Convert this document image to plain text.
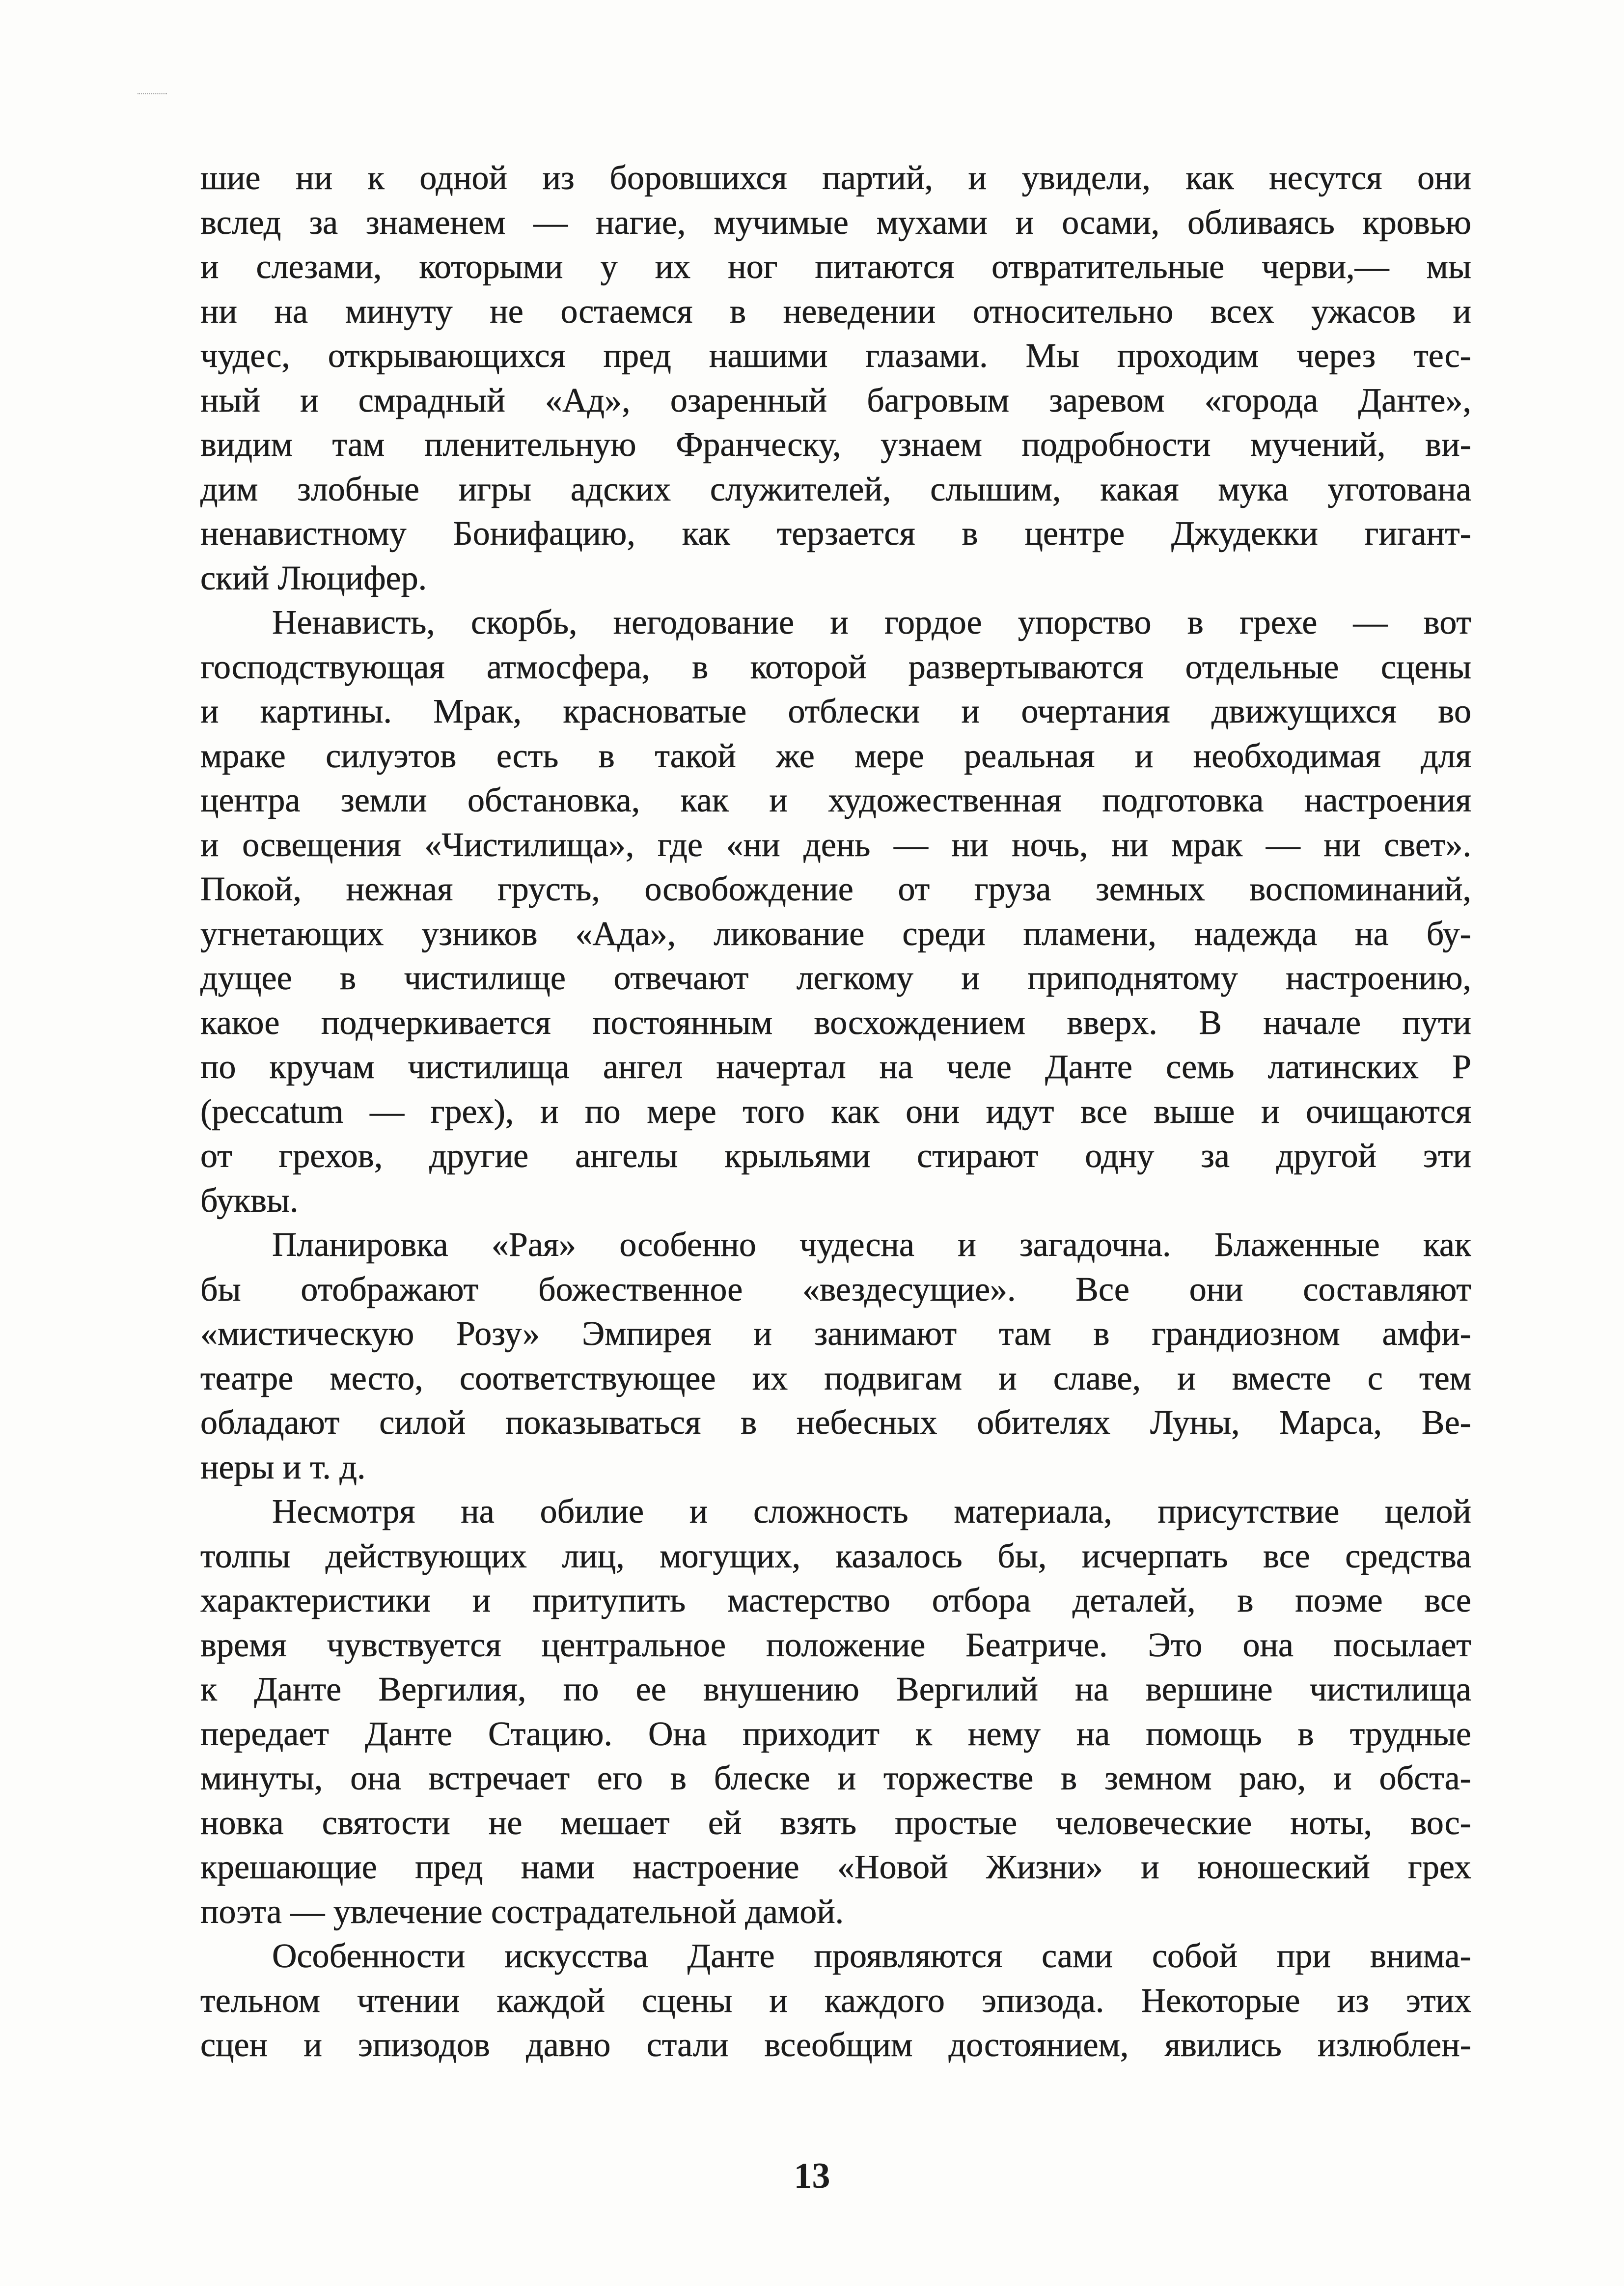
шие ни к одной из боровшихся партий, и увидели, как несутся они
вслед за знаменем — нагие, мучимые мухами и осами, обливаясь кровью
и слезами, которыми у их ног питаются отвратительные черви,— мы
ни на минуту не остаемся в неведении относительно всех ужасов и
чудес, открывающихся пред нашими глазами. Мы проходим через тес-
ный и смрадный «Ад», озаренный багровым заревом «города Данте»,
видим там пленительную Франческу, узнаем подробности мучений, ви-
дим злобные игры адских служителей, слышим, какая мука уготована
ненавистному Бонифацию, как терзается в центре Джудекки гигант-
ский Люцифер.
Ненависть, скорбь, негодование и гордое упорство в грехе — вот
господствующая атмосфера, в которой развертываются отдельные сцены
и картины. Мрак, красноватые отблески и очертания движущихся во
мраке силуэтов есть в такой же мере реальная и необходимая для
центра земли обстановка, как и художественная подготовка настроения
и освещения «Чистилища», где «ни день — ни ночь, ни мрак — ни свет».
Покой, нежная грусть, освобождение от груза земных воспоминаний,
угнетающих узников «Ада», ликование среди пламени, надежда на бу-
дущее в чистилище отвечают легкому и приподнятому настроению,
какое подчеркивается постоянным восхождением вверх. В начале пути
по кручам чистилища ангел начертал на челе Данте семь латинских P
(peccatum — грех), и по мере того как они идут все выше и очищаются
от грехов, другие ангелы крыльями стирают одну за другой эти
буквы.
Планировка «Рая» особенно чудесна и загадочна. Блаженные как
бы отображают божественное «вездесущие». Все они составляют
«мистическую Розу» Эмпирея и занимают там в грандиозном амфи-
театре место, соответствующее их подвигам и славе, и вместе с тем
обладают силой показываться в небесных обителях Луны, Марса, Ве-
неры и т. д.
Несмотря на обилие и сложность материала, присутствие целой
толпы действующих лиц, могущих, казалось бы, исчерпать все средства
характеристики и притупить мастерство отбора деталей, в поэме все
время чувствуется центральное положение Беатриче. Это она посылает
к Данте Вергилия, по ее внушению Вергилий на вершине чистилища
передает Данте Стацию. Она приходит к нему на помощь в трудные
минуты, она встречает его в блеске и торжестве в земном раю, и обста-
новка святости не мешает ей взять простые человеческие ноты, вос-
крешающие пред нами настроение «Новой Жизни» и юношеский грех
поэта — увлечение сострадательной дамой.
Особенности искусства Данте проявляются сами собой при внима-
тельном чтении каждой сцены и каждого эпизода. Некоторые из этих
сцен и эпизодов давно стали всеобщим достоянием, явились излюблен-
13
